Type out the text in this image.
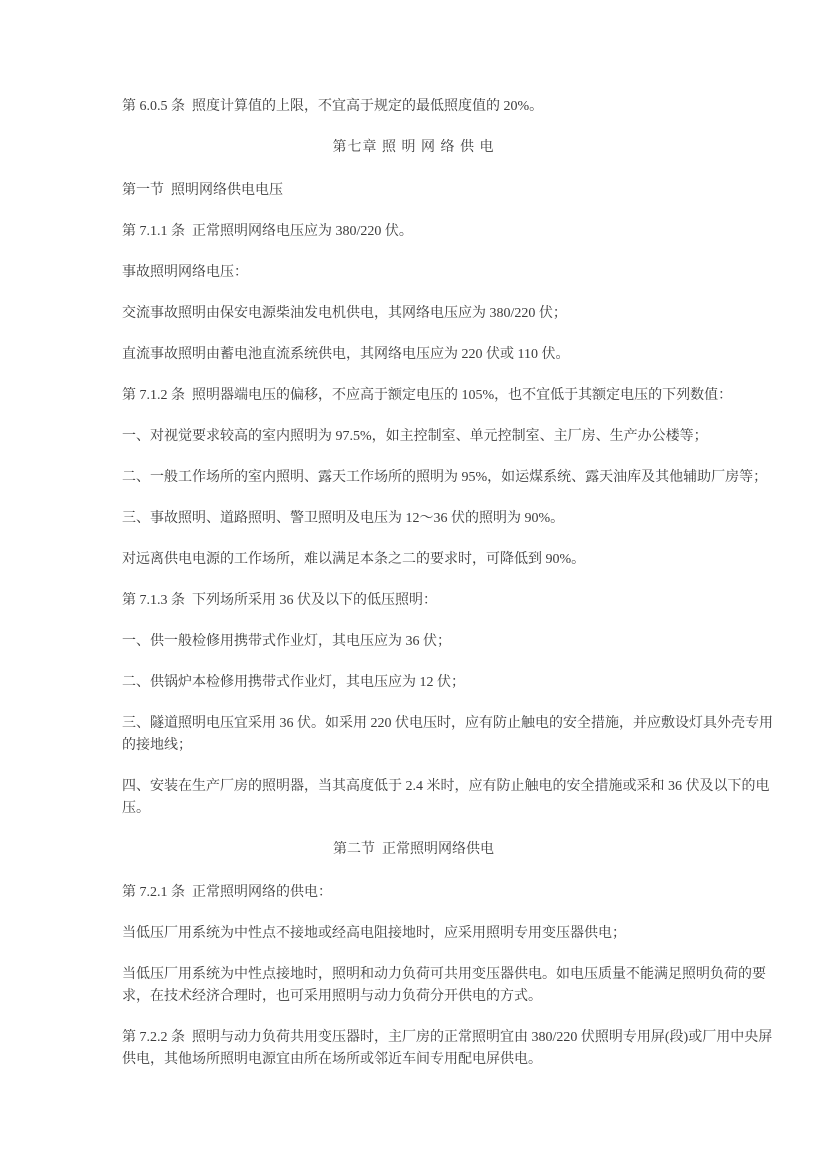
第 6.0.5 条  照度计算值的上限，不宜高于规定的最低照度值的 20%。

第七章 照 明 网 络 供 电

第一节  照明网络供电电压

第 7.1.1 条  正常照明网络电压应为 380/220 伏。

事故照明网络电压：

交流事故照明由保安电源柴油发电机供电，其网络电压应为 380/220 伏；

直流事故照明由蓄电池直流系统供电，其网络电压应为 220 伏或 110 伏。

第 7.1.2 条  照明器端电压的偏移，不应高于额定电压的 105%，也不宜低于其额定电压的下列数值：

一、对视觉要求较高的室内照明为 97.5%，如主控制室、单元控制室、主厂房、生产办公楼等；

二、一般工作场所的室内照明、露天工作场所的照明为 95%，如运煤系统、露天油库及其他辅助厂房等；

三、事故照明、道路照明、警卫照明及电压为 12～36 伏的照明为 90%。

对远离供电电源的工作场所，难以满足本条之二的要求时，可降低到 90%。

第 7.1.3 条  下列场所采用 36 伏及以下的低压照明：

一、供一般检修用携带式作业灯，其电压应为 36 伏；

二、供锅炉本检修用携带式作业灯，其电压应为 12 伏；

三、隧道照明电压宜采用 36 伏。如采用 220 伏电压时，应有防止触电的安全措施，并应敷设灯具外壳专用
的接地线；

四、安装在生产厂房的照明器，当其高度低于 2.4 米时，应有防止触电的安全措施或采和 36 伏及以下的电
压。

第二节  正常照明网络供电

第 7.2.1 条  正常照明网络的供电：

当低压厂用系统为中性点不接地或经高电阻接地时，应采用照明专用变压器供电；

当低压厂用系统为中性点接地时，照明和动力负荷可共用变压器供电。如电压质量不能满足照明负荷的要
求，在技术经济合理时，也可采用照明与动力负荷分开供电的方式。

第 7.2.2 条  照明与动力负荷共用变压器时，主厂房的正常照明宜由 380/220 伏照明专用屏(段)或厂用中央屏
供电，其他场所照明电源宜由所在场所或邻近车间专用配电屏供电。
